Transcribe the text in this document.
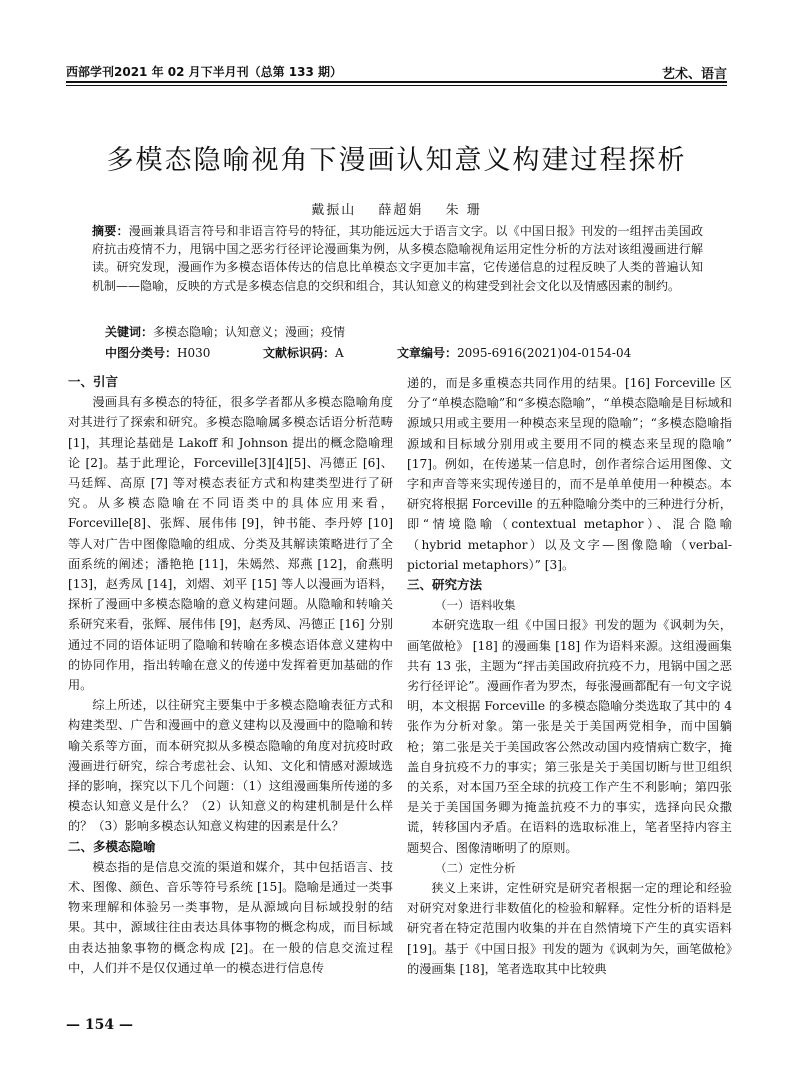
西部学刊2021 年 02 月下半月刊（总第 133 期）	艺术、语言
多模态隐喻视角下漫画认知意义构建过程探析
戴振山 薛超娟 朱 珊
摘要：漫画兼具语言符号和非语言符号的特征，其功能远远大于语言文字。以《中国日报》刊发的一组抨击美国政府抗击疫情不力，甩锅中国之恶劣行径评论漫画集为例，从多模态隐喻视角运用定性分析的方法对该组漫画进行解读。研究发现，漫画作为多模态语体传达的信息比单模态文字更加丰富，它传递信息的过程反映了人类的普遍认知机制——隐喻，反映的方式是多模态信息的交织和组合，其认知意义的构建受到社会文化以及情感因素的制约。
关键词：多模态隐喻；认知意义；漫画；疫情
中图分类号：H030	文献标识码：A	文章编号：2095-6916(2021)04-0154-04
一、引言

漫画具有多模态的特征，很多学者都从多模态隐喻角度对其进行了探索和研究。多模态隐喻属多模态话语分析范畴 [1]，其理论基础是 Lakoff 和 Johnson 提出的概念隐喻理论 [2]。基于此理论，Forceville[3][4][5]、冯德正 [6]、马廷辉、高原 [7] 等对模态表征方式和构建类型进行了研究。从多模态隐喻在不同语类中的具体应用来看，Forceville[8]、张辉、展伟伟 [9]，钟书能、李丹婷 [10] 等人对广告中图像隐喻的组成、分类及其解读策略进行了全面系统的阐述；潘艳艳 [11]，朱嫣然、郑燕 [12]，俞燕明 [13]，赵秀凤 [14]，刘熠、刘平 [15] 等人以漫画为语料，探析了漫画中多模态隐喻的意义构建问题。从隐喻和转喻关系研究来看，张辉、展伟伟 [9]，赵秀凤、冯德正 [16] 分别通过不同的语体证明了隐喻和转喻在多模态语体意义建构中的协同作用，指出转喻在意义的传递中发挥着更加基础的作用。

综上所述，以往研究主要集中于多模态隐喻表征方式和构建类型、广告和漫画中的意义建构以及漫画中的隐喻和转喻关系等方面，而本研究拟从多模态隐喻的角度对抗疫时政漫画进行研究，综合考虑社会、认知、文化和情感对源域选择的影响，探究以下几个问题：（1）这组漫画集所传递的多模态认知意义是什么？（2）认知意义的构建机制是什么样的？（3）影响多模态认知意义构建的因素是什么？

二、多模态隐喻

模态指的是信息交流的渠道和媒介，其中包括语言、技术、图像、颜色、音乐等符号系统 [15]。隐喻是通过一类事物来理解和体验另一类事物，是从源域向目标域投射的结果。其中，源域往往由表达具体事物的概念构成，而目标域由表达抽象事物的概念构成 [2]。在一般的信息交流过程中，人们并不是仅仅通过单一的模态进行信息传

递的，而是多重模态共同作用的结果。[16] Forceville 区分了“单模态隐喻”和“多模态隐喻”，“单模态隐喻是目标域和源域只用或主要用一种模态来呈现的隐喻”；“多模态隐喻指源域和目标域分别用或主要用不同的模态来呈现的隐喻” [17]。例如，在传递某一信息时，创作者综合运用图像、文字和声音等来实现传递目的，而不是单单使用一种模态。本研究将根据 Forceville 的五种隐喻分类中的三种进行分析，即“情境隐喻（contextual metaphor）、混合隐喻（hybrid metaphor）以及文字—图像隐喻（verbal-pictorial metaphors）” [3]。

三、研究方法
（一）语料收集

本研究选取一组《中国日报》刊发的题为《讽刺为矢，画笔做枪》 [18] 的漫画集 [18] 作为语料来源。这组漫画集共有 13 张，主题为“抨击美国政府抗疫不力，甩锅中国之恶劣行径评论”。漫画作者为罗杰，每张漫画都配有一句文字说明，本文根据 Forceville 的多模态隐喻分类选取了其中的 4 张作为分析对象。第一张是关于美国两党相争，而中国躺枪；第二张是关于美国政客公然改动国内疫情病亡数字，掩盖自身抗疫不力的事实；第三张是关于美国切断与世卫组织的关系，对本国乃至全球的抗疫工作产生不利影响；第四张是关于美国国务卿为掩盖抗疫不力的事实，选择向民众撒谎，转移国内矛盾。在语料的选取标准上，笔者坚持内容主题契合、图像清晰明了的原则。

（二）定性分析

狭义上来讲，定性研究是研究者根据一定的理论和经验对研究对象进行非数值化的检验和解释。定性分析的语料是研究者在特定范围内收集的并在自然情境下产生的真实语料 [19]。基于《中国日报》刊发的题为《讽刺为矢，画笔做枪》的漫画集 [18]，笔者选取其中比较典

— 154 —
